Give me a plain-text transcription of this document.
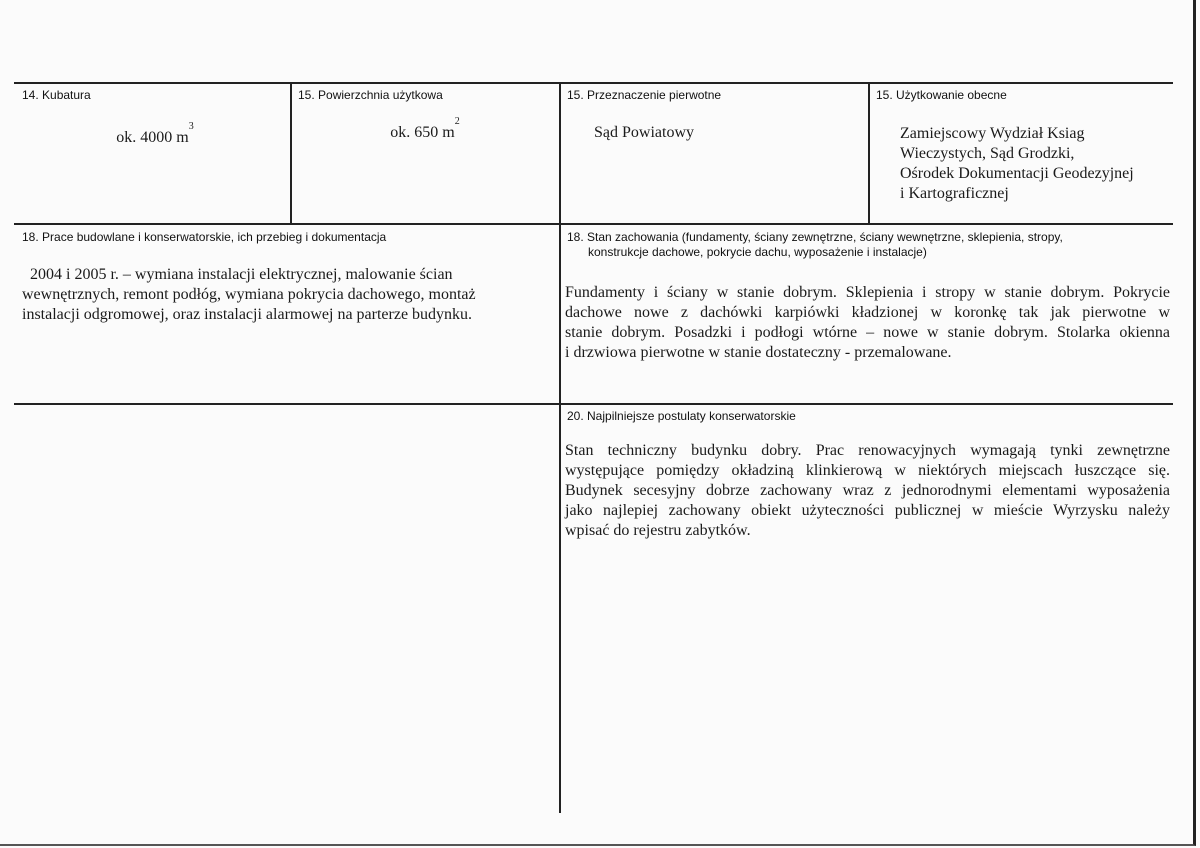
14. Kubatura
ok. 4000 $m^3$
15. Powierzchnia użytkowa
ok. 650 $m^2$
15. Przeznaczenie pierwotne
Sąd Powiatowy
15. Użytkowanie obecne
Zamiejscowy Wydział Ksiag
Wieczystych, Sąd Grodzki,
Ośrodek Dokumentacji Geodezyjnej
i Kartograficznej
18. Prace budowlane i konserwatorskie, ich przebieg i dokumentacja
2004 i 2005 r. – wymiana instalacji elektrycznej, malowanie ścian
wewnętrznych, remont podłóg, wymiana pokrycia dachowego, montaż
instalacji odgromowej, oraz instalacji alarmowej na parterze budynku.
18. Stan zachowania (fundamenty, ściany zewnętrzne, ściany wewnętrzne, sklepienia, stropy,
konstrukcje dachowe, pokrycie dachu, wyposażenie i instalacje)
Fundamenty i ściany w stanie dobrym. Sklepienia i stropy w stanie dobrym. Pokrycie
dachowe nowe z dachówki karpiówki kładzionej w koronkę tak jak pierwotne w
stanie dobrym. Posadzki i podłogi wtórne – nowe w stanie dobrym. Stolarka okienna
i drzwiowa pierwotne w stanie dostateczny - przemalowane.
20. Najpilniejsze postulaty konserwatorskie
Stan techniczny budynku dobry. Prac renowacyjnych wymagają tynki zewnętrzne
występujące pomiędzy okładziną klinkierową w niektórych miejscach łuszczące się.
Budynek secesyjny dobrze zachowany wraz z jednorodnymi elementami wyposażenia
jako najlepiej zachowany obiekt użyteczności publicznej w mieście Wyrzysku należy
wpisać do rejestru zabytków.
